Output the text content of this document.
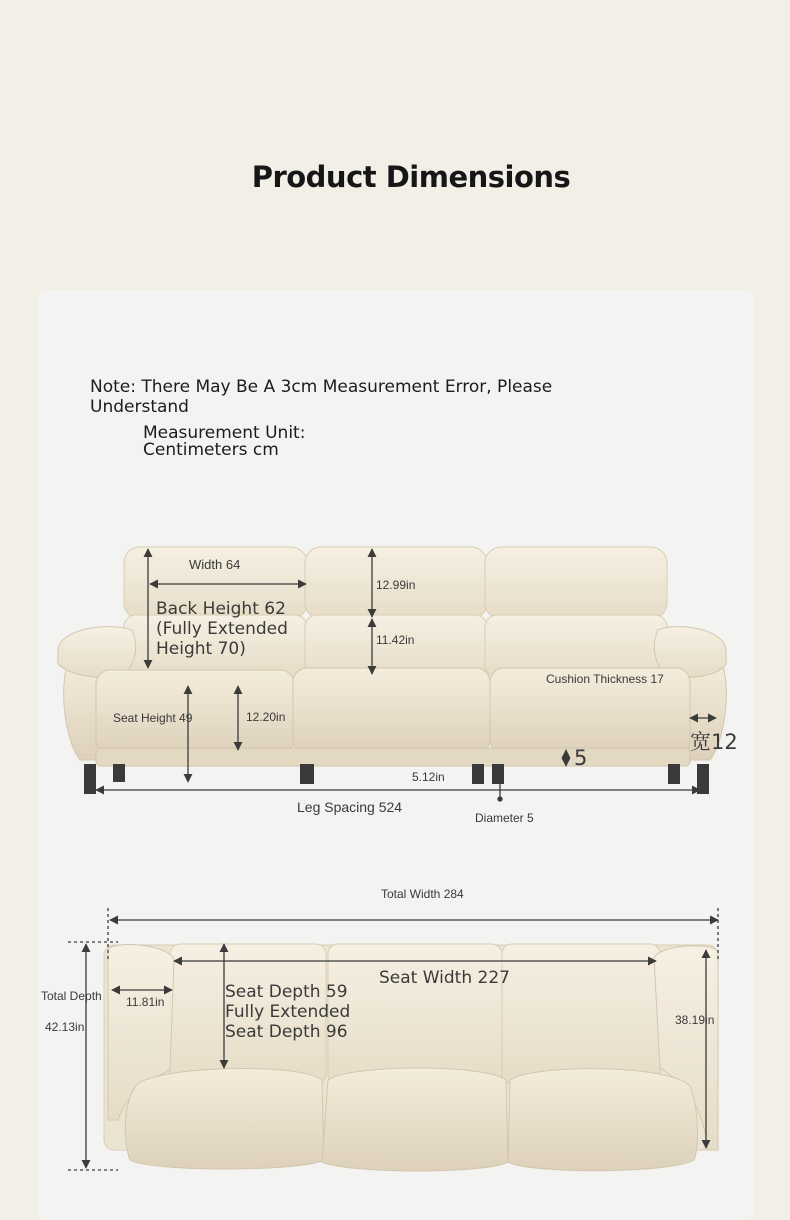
Product Dimensions
Note: There May Be A 3cm Measurement Error, Please Understand
Measurement Unit: Centimeters cm
Width 64
12.99in
11.42in
Back Height 62 (Fully Extended Height 70)
Cushion Thickness 17
Seat Height 49	12.20in
宽12
5
5.12in
Leg Spacing 524
Diameter 5
Total Width 284
Total Depth
42.13in
11.81in	Seat Depth 59 Fully Extended Seat Depth 96
Seat Width 227
38.19in
